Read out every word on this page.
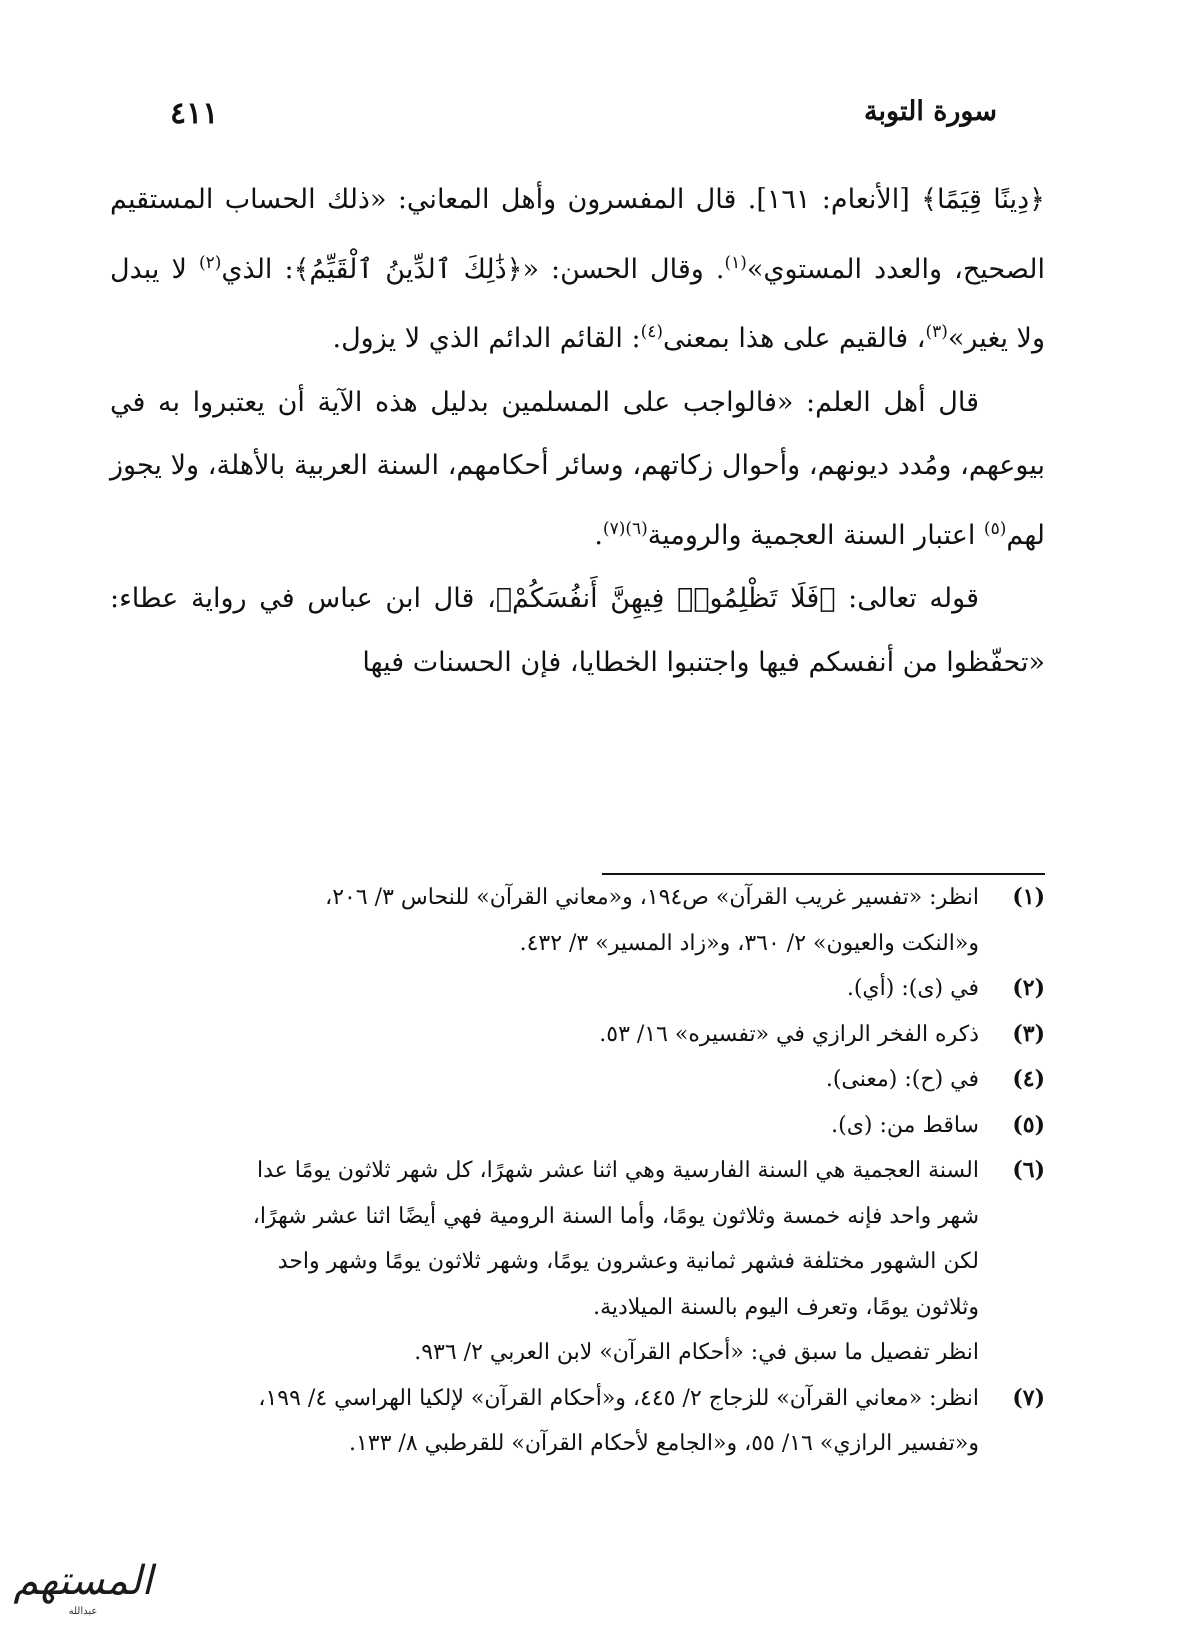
سورة التوبة
٤١١

﴿دِينًا قِيَمًا﴾ [الأنعام: ١٦١]. قال المفسرون وأهل المعاني: «ذلك الحساب المستقيم الصحيح، والعدد المستوي»$^{(١)}$. وقال الحسن: «﴿ذَٰلِكَ ٱلدِّينُ ٱلْقَيِّمُ﴾: الذي$^{(٢)}$ لا يبدل ولا يغير»$^{(٣)}$، فالقيم على هذا بمعنى$^{(٤)}$: القائم الدائم الذي لا يزول.

قال أهل العلم: «فالواجب على المسلمين بدليل هذه الآية أن يعتبروا به في بيوعهم، ومُدد ديونهم، وأحوال زكاتهم، وسائر أحكامهم، السنة العربية بالأهلة، ولا يجوز لهم$^{(٥)}$ اعتبار السنة العجمية والرومية$^{(٦)(٧)}$.

قوله تعالى: ﴿فَلَا تَظْلِمُوا۟ فِيهِنَّ أَنفُسَكُمْ﴾، قال ابن عباس في رواية عطاء: «تحفّظوا من أنفسكم فيها واجتنبوا الخطايا، فإن الحسنات فيها

(١)
انظر: «تفسير غريب القرآن» ص١٩٤، و«معاني القرآن» للنحاس ٣/ ٢٠٦،
و«النكت والعيون» ٢/ ٣٦٠، و«زاد المسير» ٣/ ٤٣٢.
(٢)
في (ى): (أي).
(٣)
ذكره الفخر الرازي في «تفسيره» ١٦/ ٥٣.
(٤)
في (ح): (معنى).
(٥)
ساقط من: (ى).
(٦)
السنة العجمية هي السنة الفارسية وهي اثنا عشر شهرًا، كل شهر ثلاثون يومًا عدا
شهر واحد فإنه خمسة وثلاثون يومًا، وأما السنة الرومية فهي أيضًا اثنا عشر شهرًا،
لكن الشهور مختلفة فشهر ثمانية وعشرون يومًا، وشهر ثلاثون يومًا وشهر واحد
وثلاثون يومًا، وتعرف اليوم بالسنة الميلادية.
انظر تفصيل ما سبق في: «أحكام القرآن» لابن العربي ٢/ ٩٣٦.
(٧)
انظر: «معاني القرآن» للزجاج ٢/ ٤٤٥، و«أحكام القرآن» لإلكيا الهراسي ٤/ ١٩٩،
و«تفسير الرازي» ١٦/ ٥٥، و«الجامع لأحكام القرآن» للقرطبي ٨/ ١٣٣.
المستهم
عبدالله
